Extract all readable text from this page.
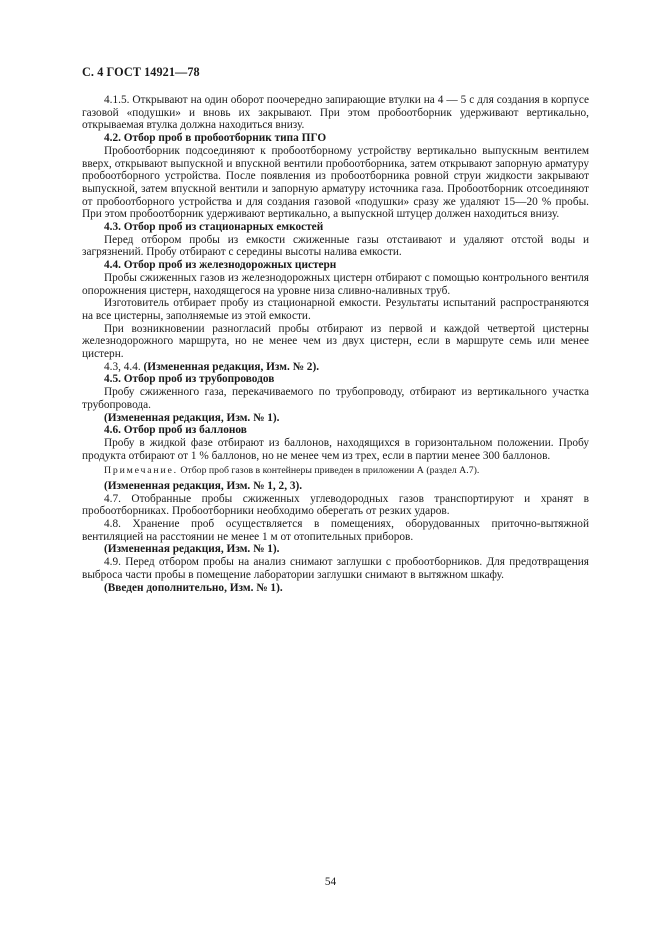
С. 4 ГОСТ 14921—78

4.1.5. Открывают на один оборот поочередно запирающие втулки на 4 — 5 с для создания в корпусе газовой «подушки» и вновь их закрывают. При этом пробоотборник удерживают вертикально, открываемая втулка должна находиться внизу.

4.2. Отбор проб в пробоотборник типа ПГО

Пробоотборник подсоединяют к пробоотборному устройству вертикально выпускным вентилем вверх, открывают выпускной и впускной вентили пробоотборника, затем открывают запорную арматуру пробоотборного устройства. После появления из пробоотборника ровной струи жидкости закрывают выпускной, затем впускной вентили и запорную арматуру источника газа. Пробоотборник отсоединяют от пробоотборного устройства и для создания газовой «подушки» сразу же удаляют 15—20 % пробы. При этом пробоотборник удерживают вертикально, а выпускной штуцер должен находиться внизу.

4.3. Отбор проб из стационарных емкостей

Перед отбором пробы из емкости сжиженные газы отстаивают и удаляют отстой воды и загрязнений. Пробу отбирают с середины высоты налива емкости.

4.4. Отбор проб из железнодорожных цистерн

Пробы сжиженных газов из железнодорожных цистерн отбирают с помощью контрольного вентиля опорожнения цистерн, находящегося на уровне низа сливно-наливных труб.

Изготовитель отбирает пробу из стационарной емкости. Результаты испытаний распространяются на все цистерны, заполняемые из этой емкости.

При возникновении разногласий пробы отбирают из первой и каждой четвертой цистерны железнодорожного маршрута, но не менее чем из двух цистерн, если в маршруте семь или менее цистерн.

4.3, 4.4. (Измененная редакция, Изм. № 2).

4.5. Отбор проб из трубопроводов

Пробу сжиженного газа, перекачиваемого по трубопроводу, отбирают из вертикального участка трубопровода.

(Измененная редакция, Изм. № 1).

4.6. Отбор проб из баллонов

Пробу в жидкой фазе отбирают из баллонов, находящихся в горизонтальном положении. Пробу продукта отбирают от 1 % баллонов, но не менее чем из трех, если в партии менее 300 баллонов.

Примечание. Отбор проб газов в контейнеры приведен в приложении А (раздел А.7).

(Измененная редакция, Изм. № 1, 2, 3).

4.7. Отобранные пробы сжиженных углеводородных газов транспортируют и хранят в пробоотборниках. Пробоотборники необходимо оберегать от резких ударов.

4.8. Хранение проб осуществляется в помещениях, оборудованных приточно-вытяжной вентиляцией на расстоянии не менее 1 м от отопительных приборов.

(Измененная редакция, Изм. № 1).

4.9. Перед отбором пробы на анализ снимают заглушки с пробоотборников. Для предотвращения выброса части пробы в помещение лаборатории заглушки снимают в вытяжном шкафу.

(Введен дополнительно, Изм. № 1).

54
